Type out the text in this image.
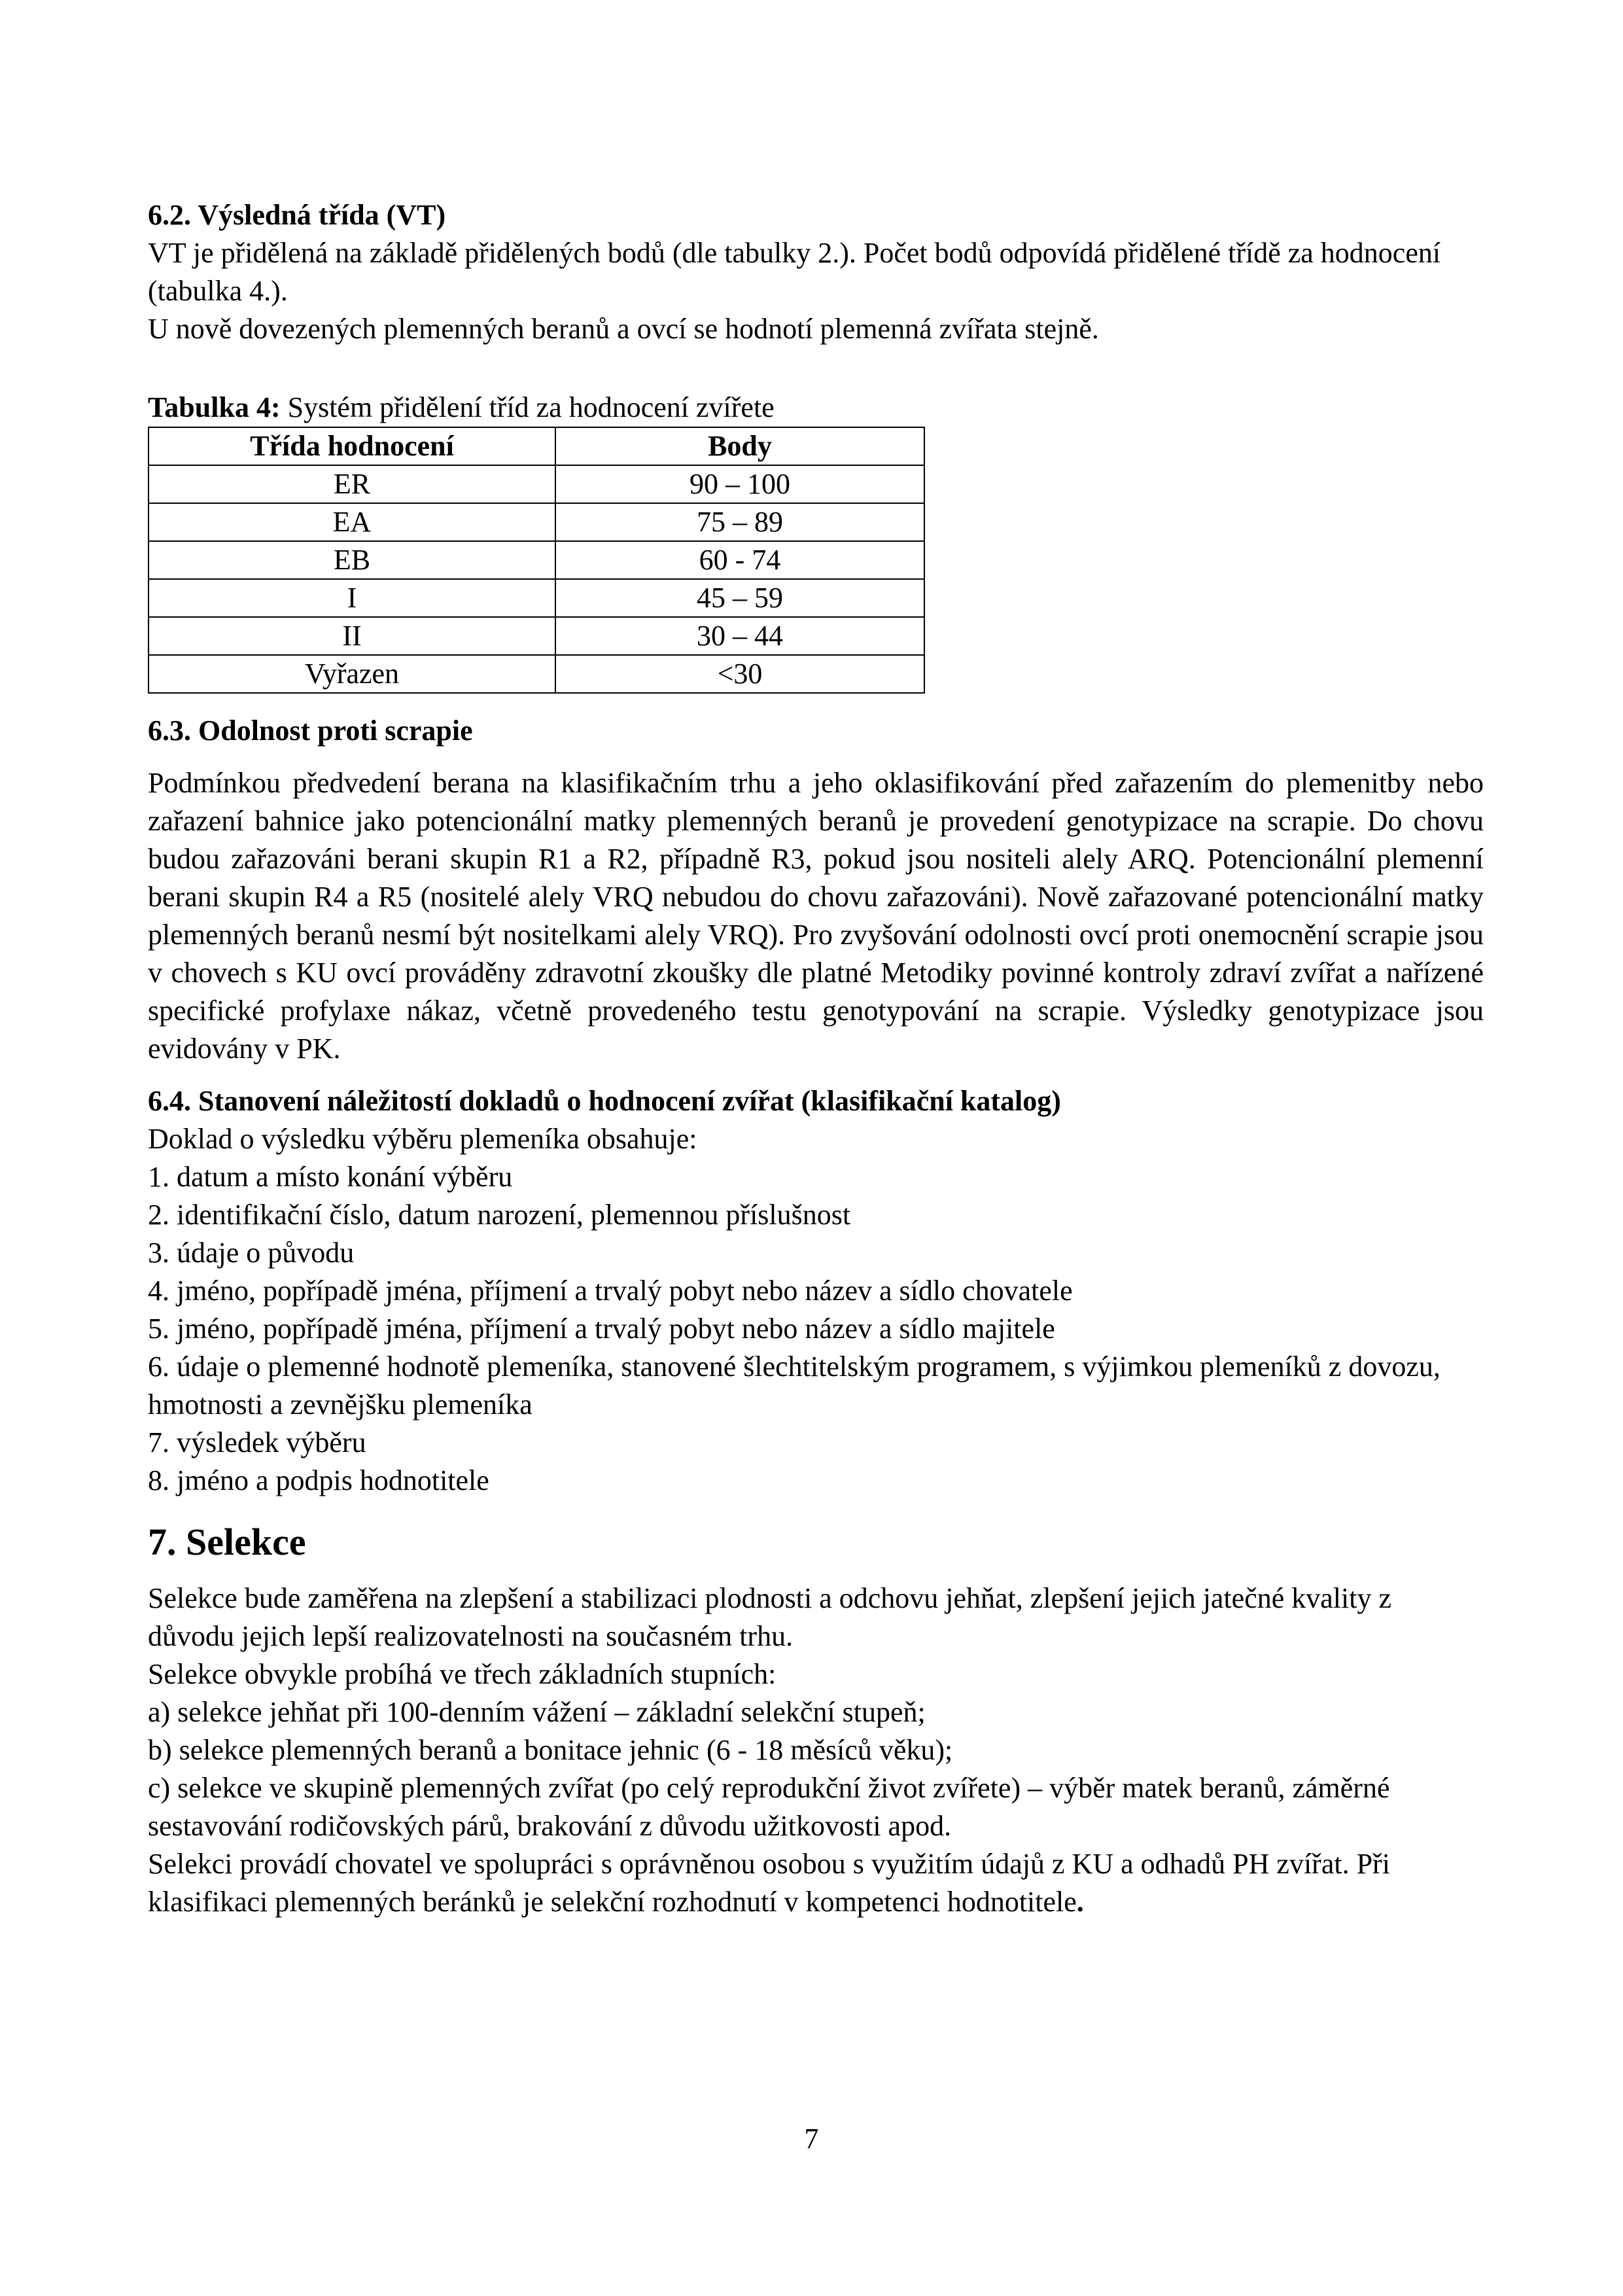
6.2. Výsledná třída (VT)

VT je přidělená na základě přidělených bodů (dle tabulky 2.). Počet bodů odpovídá přidělené třídě za hodnocení (tabulka 4.).

U nově dovezených plemenných beranů a ovcí se hodnotí plemenná zvířata stejně.

Tabulka 4: Systém přidělení tříd za hodnocení zvířete

Třída hodnocení	Body
ER	90 – 100
EA	75 – 89
EB	60 - 74
I	45 – 59
II	30 – 44
Vyřazen	<30

6.3. Odolnost proti scrapie

Podmínkou předvedení berana na klasifikačním trhu a jeho oklasifikování před zařazením do plemenitby nebo zařazení bahnice jako potencionální matky plemenných beranů je provedení genotypizace na scrapie. Do chovu budou zařazováni berani skupin R1 a R2, případně R3, pokud jsou nositeli alely ARQ. Potencionální plemenní berani skupin R4 a R5 (nositelé alely VRQ nebudou do chovu zařazováni). Nově zařazované potencionální matky plemenných beranů nesmí být nositelkami alely VRQ). Pro zvyšování odolnosti ovcí proti onemocnění scrapie jsou v chovech s KU ovcí prováděny zdravotní zkoušky dle platné Metodiky povinné kontroly zdraví zvířat a nařízené specifické profylaxe nákaz, včetně provedeného testu genotypování na scrapie. Výsledky genotypizace jsou evidovány v PK.

6.4. Stanovení náležitostí dokladů o hodnocení zvířat (klasifikační katalog)

Doklad o výsledku výběru plemeníka obsahuje:

1. datum a místo konání výběru

2. identifikační číslo, datum narození, plemennou příslušnost

3. údaje o původu

4. jméno, popřípadě jména, příjmení a trvalý pobyt nebo název a sídlo chovatele

5. jméno, popřípadě jména, příjmení a trvalý pobyt nebo název a sídlo majitele

6. údaje o plemenné hodnotě plemeníka, stanovené šlechtitelským programem, s výjimkou plemeníků z dovozu, hmotnosti a zevnějšku plemeníka

7. výsledek výběru

8. jméno a podpis hodnotitele

7. Selekce

Selekce bude zaměřena na zlepšení a stabilizaci plodnosti a odchovu jehňat, zlepšení jejich jatečné kvality z důvodu jejich lepší realizovatelnosti na současném trhu.

Selekce obvykle probíhá ve třech základních stupních:

a) selekce jehňat při 100-denním vážení – základní selekční stupeň;

b) selekce plemenných beranů a bonitace jehnic (6 - 18 měsíců věku);

c) selekce ve skupině plemenných zvířat (po celý reprodukční život zvířete) – výběr matek beranů, záměrné sestavování rodičovských párů, brakování z důvodu užitkovosti apod.

Selekci provádí chovatel ve spolupráci s oprávněnou osobou s využitím údajů z KU a odhadů PH zvířat. Při klasifikaci plemenných beránků je selekční rozhodnutí v kompetenci hodnotitele.

7
